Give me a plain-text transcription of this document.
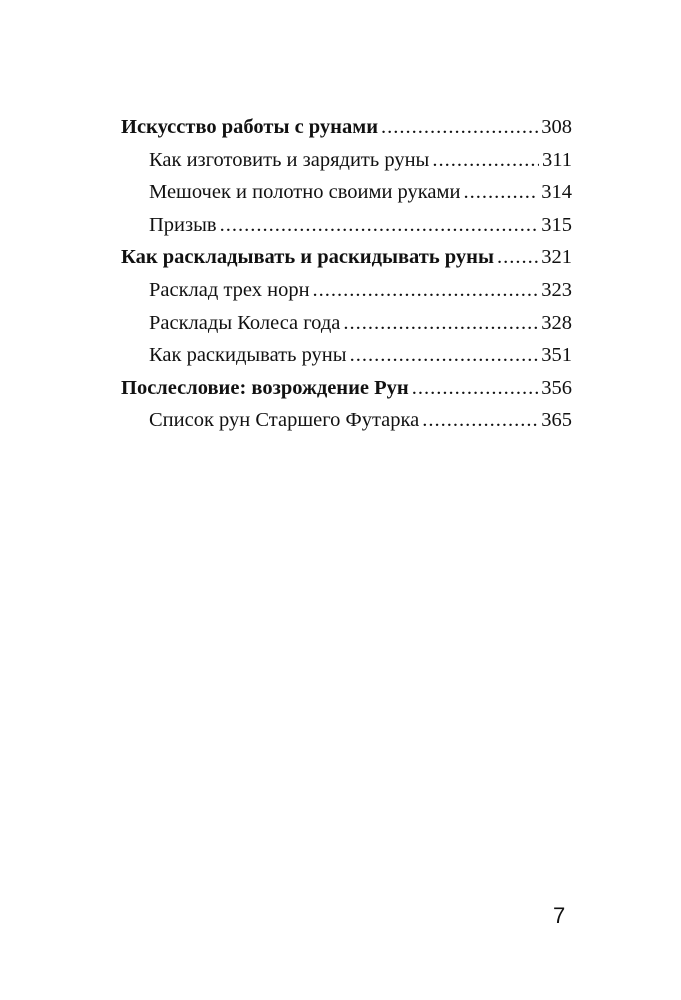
Искусство работы с рунами .....	308
Как изготовить и зарядить руны .....	311
Мешочек и полотно своими руками .....	314
Призыв .....	315
Как раскладывать и раскидывать руны ..... 321
Расклад трех норн .....	323
Расклады Колеса года .....	328
Как раскидывать руны .....	351
Послесловие: возрождение Рун .....	356
Список рун Старшего Футарка .....	365
7
